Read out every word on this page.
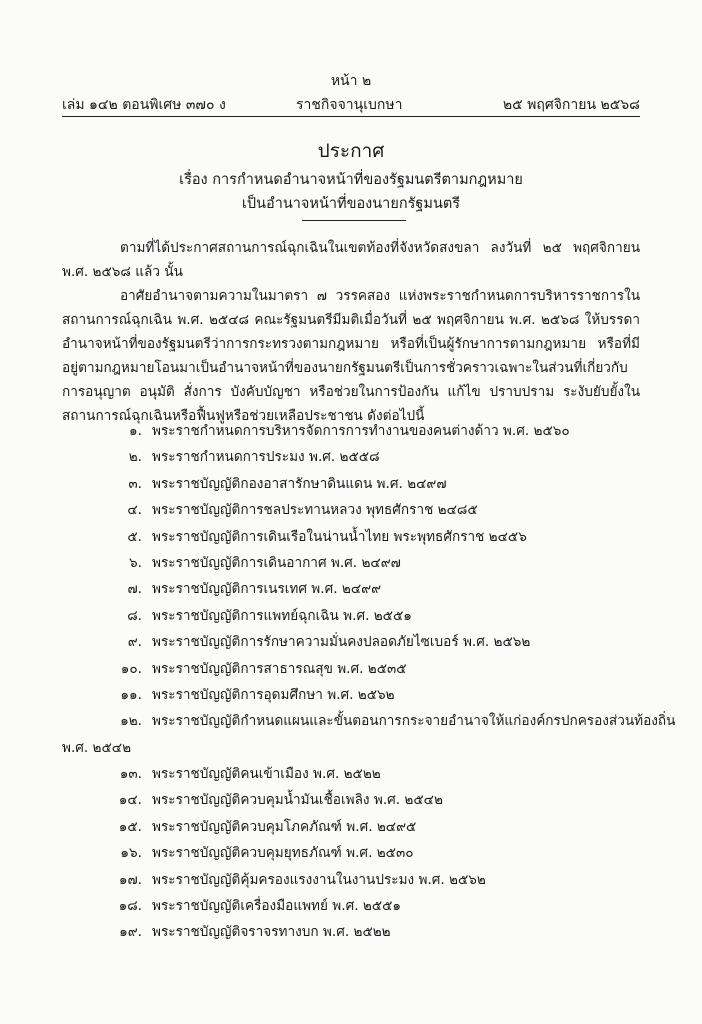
หน้า ๒
เล่ม ๑๔๒ ตอนพิเศษ ๓๗๐ ง	ราชกิจจานุเบกษา	๒๕ พฤศจิกายน ๒๕๖๘
ประกาศ
เรื่อง การกำหนดอำนาจหน้าที่ของรัฐมนตรีตามกฎหมาย
เป็นอำนาจหน้าที่ของนายกรัฐมนตรี

ตามที่ได้ประกาศสถานการณ์ฉุกเฉินในเขตท้องที่จังหวัดสงขลา ลงวันที่ ๒๕ พฤศจิกายน พ.ศ. ๒๕๖๘ แล้ว นั้น

อาศัยอำนาจตามความในมาตรา ๗ วรรคสอง แห่งพระราชกำหนดการบริหารราชการในสถานการณ์ฉุกเฉิน พ.ศ. ๒๕๔๘ คณะรัฐมนตรีมีมติเมื่อวันที่ ๒๕ พฤศจิกายน พ.ศ. ๒๕๖๘ ให้บรรดาอำนาจหน้าที่ของรัฐมนตรีว่าการกระทรวงตามกฎหมาย หรือที่เป็นผู้รักษาการตามกฎหมาย หรือที่มีอยู่ตามกฎหมายโอนมาเป็นอำนาจหน้าที่ของนายกรัฐมนตรีเป็นการชั่วคราวเฉพาะในส่วนที่เกี่ยวกับการอนุญาต อนุมัติ สั่งการ บังคับบัญชา หรือช่วยในการป้องกัน แก้ไข ปราบปราม ระงับยับยั้งในสถานการณ์ฉุกเฉินหรือฟื้นฟูหรือช่วยเหลือประชาชน ดังต่อไปนี้

๑. พระราชกำหนดการบริหารจัดการการทำงานของคนต่างด้าว พ.ศ. ๒๕๖๐
๒. พระราชกำหนดการประมง พ.ศ. ๒๕๕๘
๓. พระราชบัญญัติกองอาสารักษาดินแดน พ.ศ. ๒๔๙๗
๔. พระราชบัญญัติการชลประทานหลวง พุทธศักราช ๒๔๘๕
๕. พระราชบัญญัติการเดินเรือในน่านน้ำไทย พระพุทธศักราช ๒๔๕๖
๖. พระราชบัญญัติการเดินอากาศ พ.ศ. ๒๔๙๗
๗. พระราชบัญญัติการเนรเทศ พ.ศ. ๒๔๙๙
๘. พระราชบัญญัติการแพทย์ฉุกเฉิน พ.ศ. ๒๕๕๑
๙. พระราชบัญญัติการรักษาความมั่นคงปลอดภัยไซเบอร์ พ.ศ. ๒๕๖๒
๑๐. พระราชบัญญัติการสาธารณสุข พ.ศ. ๒๕๓๕
๑๑. พระราชบัญญัติการอุดมศึกษา พ.ศ. ๒๕๖๒
๑๒. พระราชบัญญัติกำหนดแผนและขั้นตอนการกระจายอำนาจให้แก่องค์กรปกครองส่วนท้องถิ่น
พ.ศ. ๒๕๔๒
๑๓. พระราชบัญญัติคนเข้าเมือง พ.ศ. ๒๕๒๒
๑๔. พระราชบัญญัติควบคุมน้ำมันเชื้อเพลิง พ.ศ. ๒๕๔๒
๑๕. พระราชบัญญัติควบคุมโภคภัณฑ์ พ.ศ. ๒๔๙๕
๑๖. พระราชบัญญัติควบคุมยุทธภัณฑ์ พ.ศ. ๒๕๓๐
๑๗. พระราชบัญญัติคุ้มครองแรงงานในงานประมง พ.ศ. ๒๕๖๒
๑๘. พระราชบัญญัติเครื่องมือแพทย์ พ.ศ. ๒๕๕๑
๑๙. พระราชบัญญัติจราจรทางบก พ.ศ. ๒๕๒๒
